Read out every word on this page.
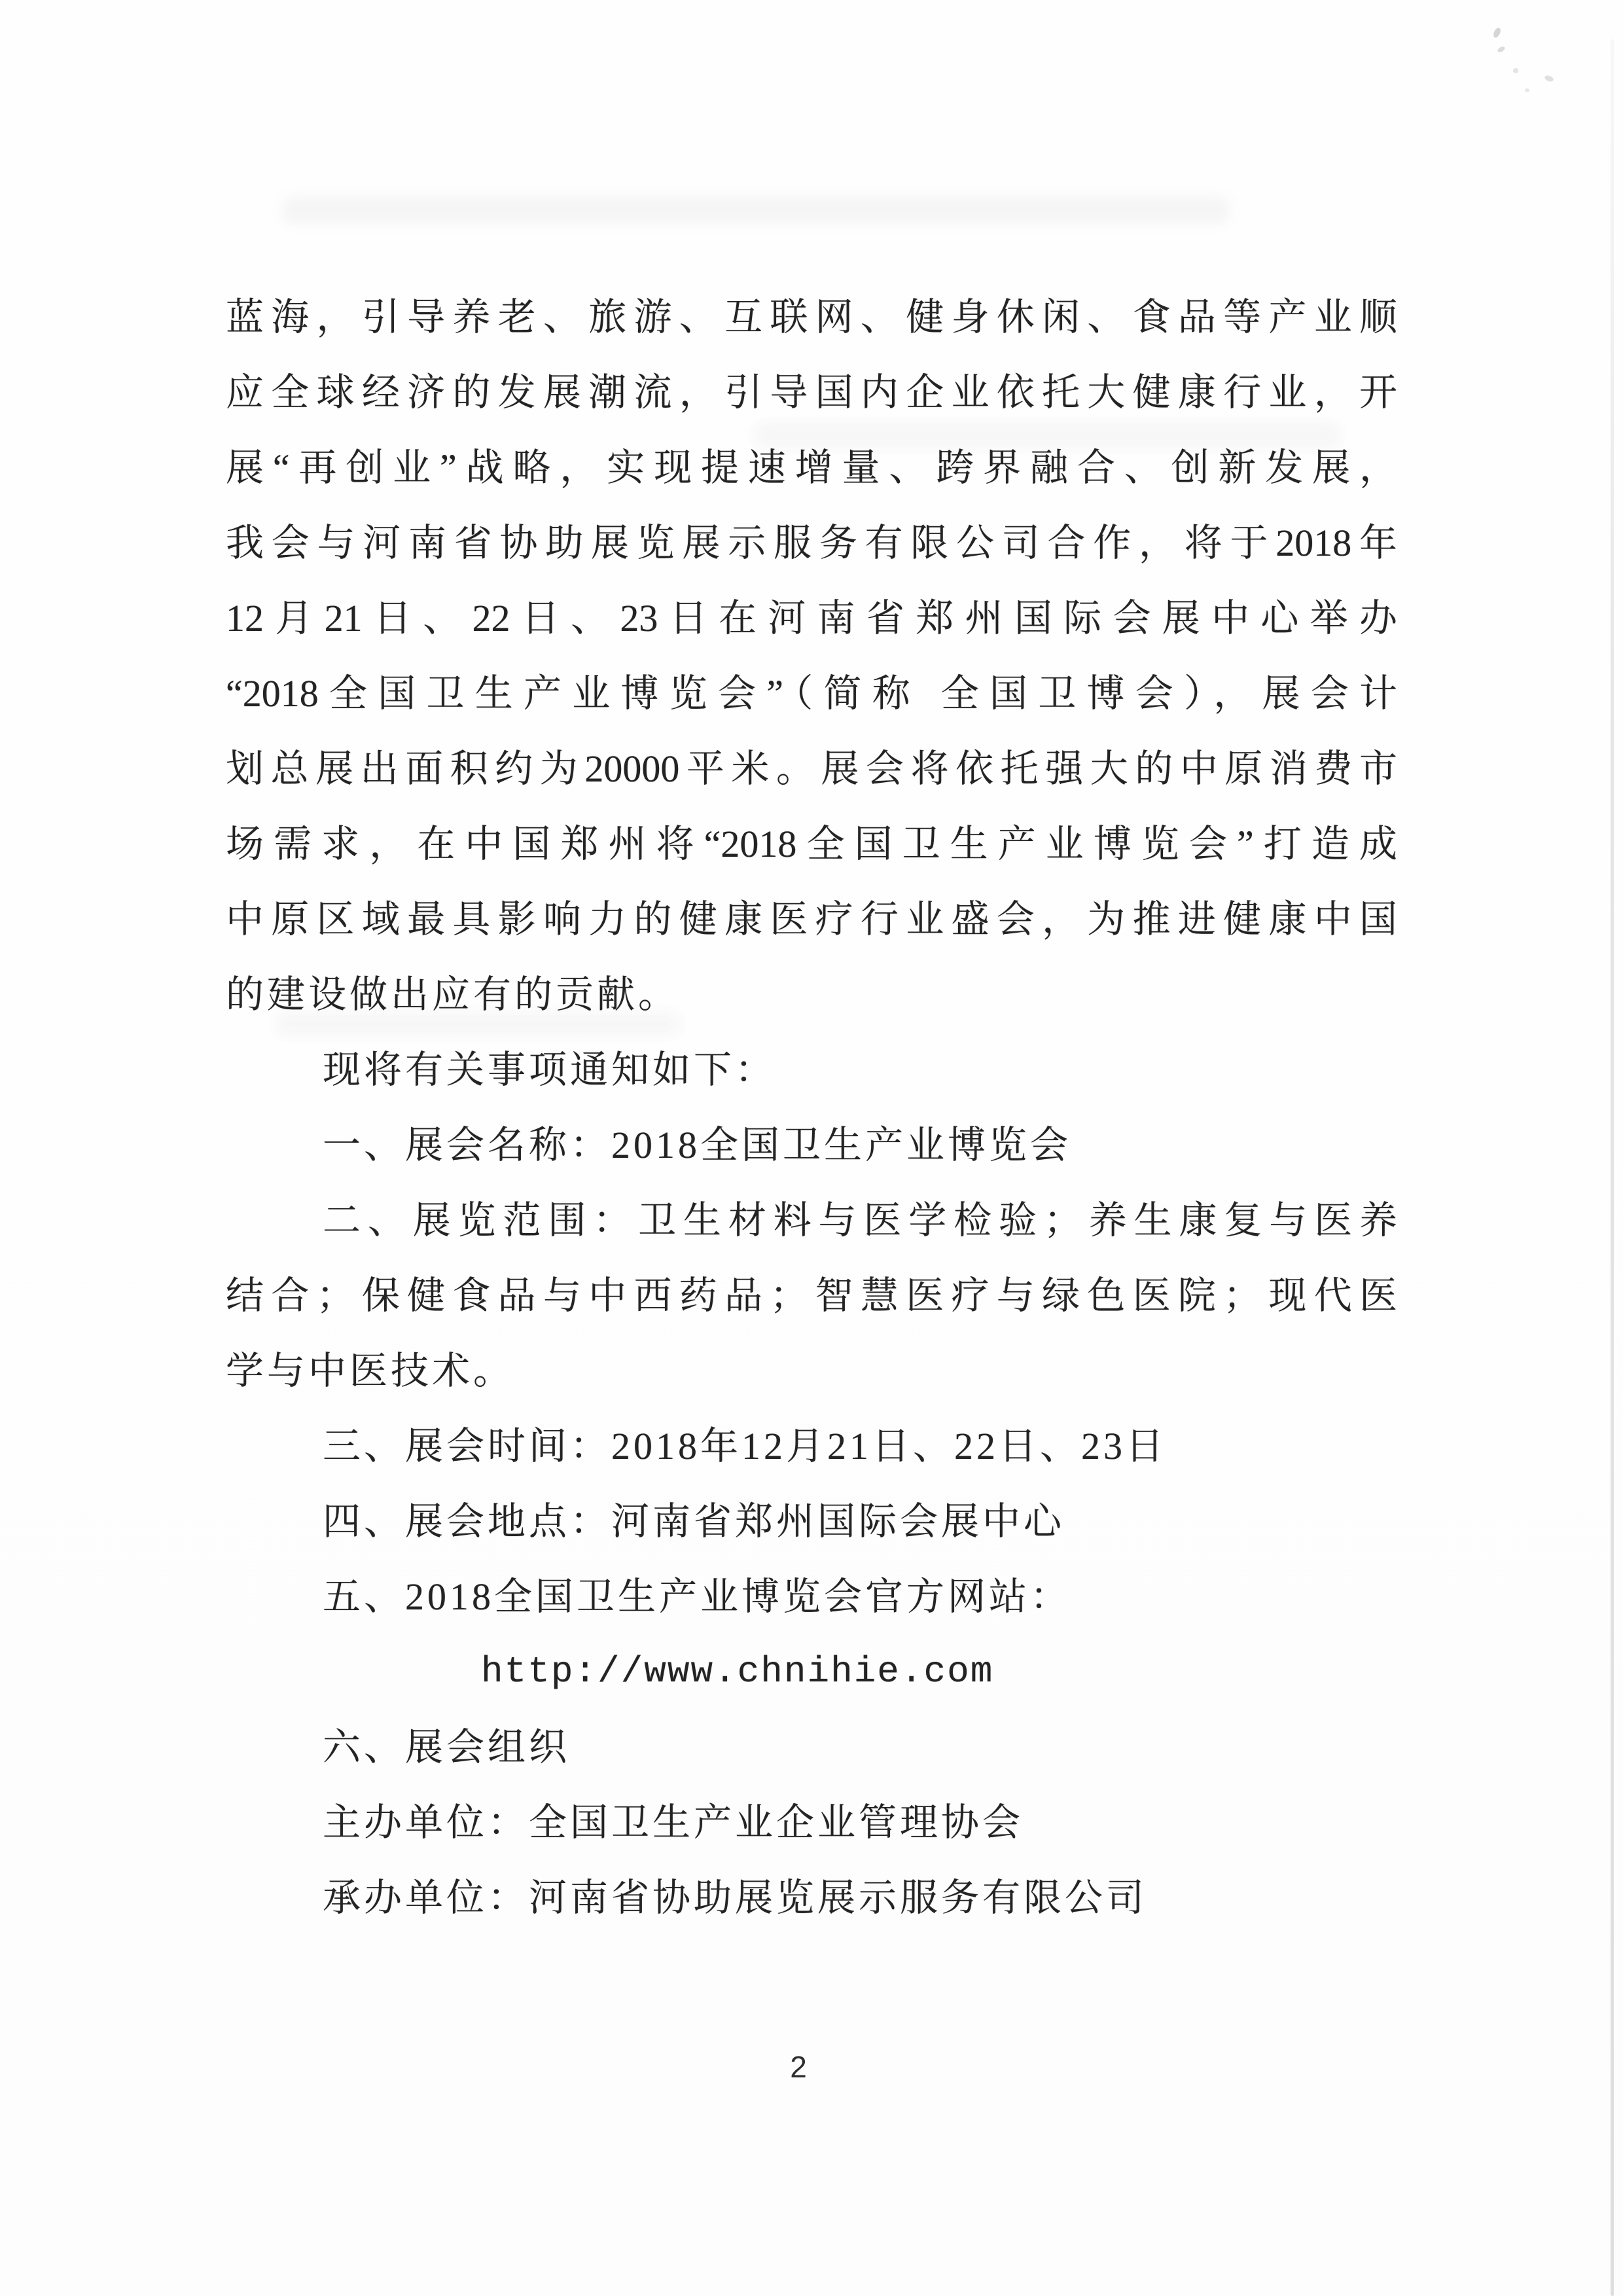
蓝海，引导养老、旅游、互联网、健身休闲、食品等产业顺
应全球经济的发展潮流，引导国内企业依托大健康行业，开
展“再创业”战略，实现提速增量、跨界融合、创新发展，
我会与河南省协助展览展示服务有限公司合作，将于2018年
12月21日、22日、23日在河南省郑州国际会展中心举办
“2018全国卫生产业博览会”（简称 全国卫博会），展会计
划总展出面积约为20000平米。展会将依托强大的中原消费市
场需求，在中国郑州将“2018全国卫生产业博览会”打造成
中原区域最具影响力的健康医疗行业盛会，为推进健康中国
的建设做出应有的贡献。
现将有关事项通知如下：
一、展会名称：2018全国卫生产业博览会
二、展览范围：卫生材料与医学检验；养生康复与医养
结合；保健食品与中西药品；智慧医疗与绿色医院；现代医
学与中医技术。
三、展会时间：2018年12月21日、22日、23日
四、展会地点：河南省郑州国际会展中心
五、2018全国卫生产业博览会官方网站：
http://www.chnihie.com
六、展会组织
主办单位：全国卫生产业企业管理协会
承办单位：河南省协助展览展示服务有限公司
2
